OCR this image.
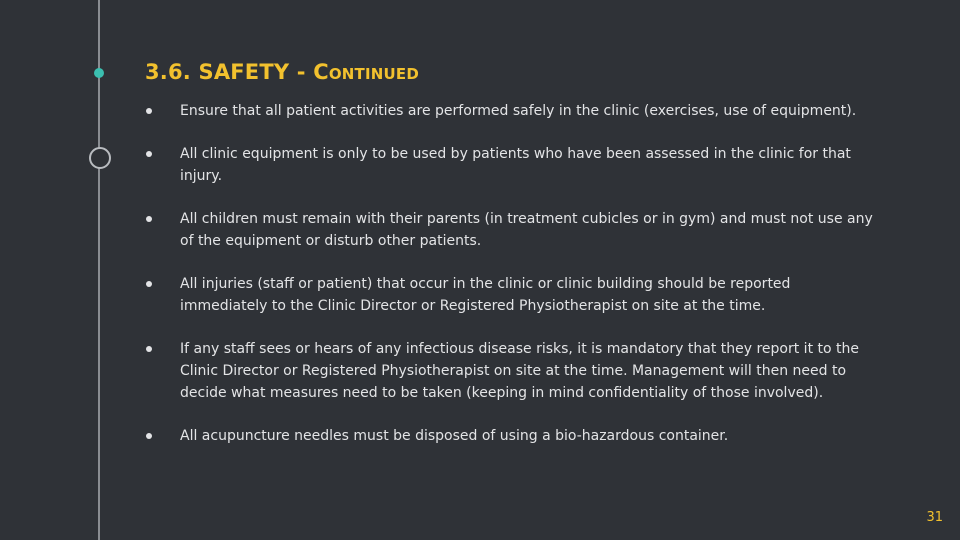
3.6. SAFETY - Continued
Ensure that all patient activities are performed safely in the clinic (exercises, use of equipment).
All clinic equipment is only to be used by patients who have been assessed in the clinic for that injury.
All children must remain with their parents (in treatment cubicles or in gym) and must not use any of the equipment or disturb other patients.
All injuries (staff or patient) that occur in the clinic or clinic building should be reported immediately to the Clinic Director or Registered Physiotherapist on site at the time.
If any staff sees or hears of any infectious disease risks, it is mandatory that they report it to the Clinic Director or Registered Physiotherapist on site at the time. Management will then need to decide what measures need to be taken (keeping in mind confidentiality of those involved).
All acupuncture needles must be disposed of using a bio-hazardous container.
31
